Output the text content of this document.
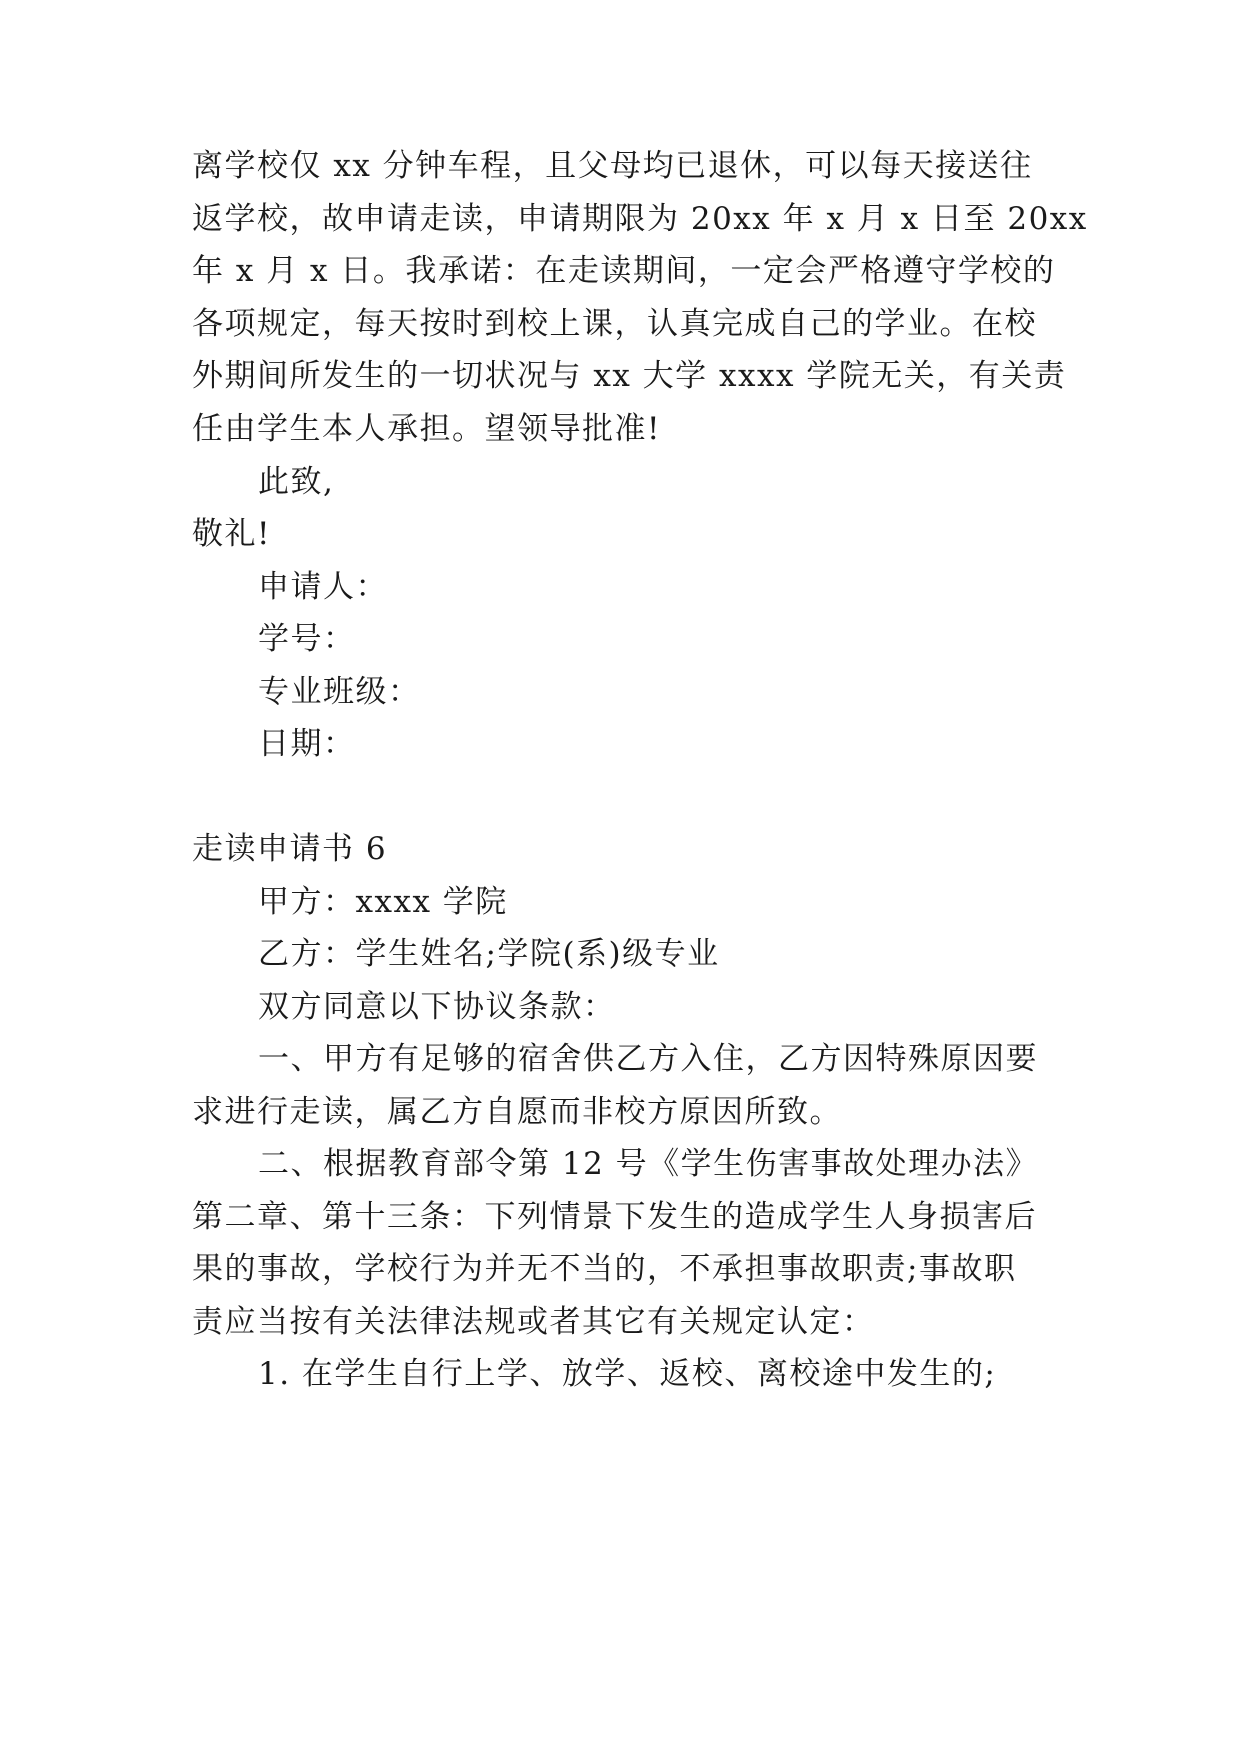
离学校仅 xx 分钟车程，且父母均已退休，可以每天接送往
返学校，故申请走读，申请期限为 20xx 年 x 月 x 日至 20xx
年 x 月 x 日。我承诺：在走读期间，一定会严格遵守学校的
各项规定，每天按时到校上课，认真完成自己的学业。在校
外期间所发生的一切状况与 xx 大学 xxxx 学院无关，有关责
任由学生本人承担。望领导批准!
此致,
敬礼!
申请人：
学号：
专业班级：
日期：
走读申请书 6
甲方：xxxx 学院
乙方：学生姓名;学院(系)级专业
双方同意以下协议条款：
一、甲方有足够的宿舍供乙方入住，乙方因特殊原因要
求进行走读，属乙方自愿而非校方原因所致。
二、根据教育部令第 12 号《学生伤害事故处理办法》
第二章、第十三条：下列情景下发生的造成学生人身损害后
果的事故，学校行为并无不当的，不承担事故职责;事故职
责应当按有关法律法规或者其它有关规定认定：
1. 在学生自行上学、放学、返校、离校途中发生的;
